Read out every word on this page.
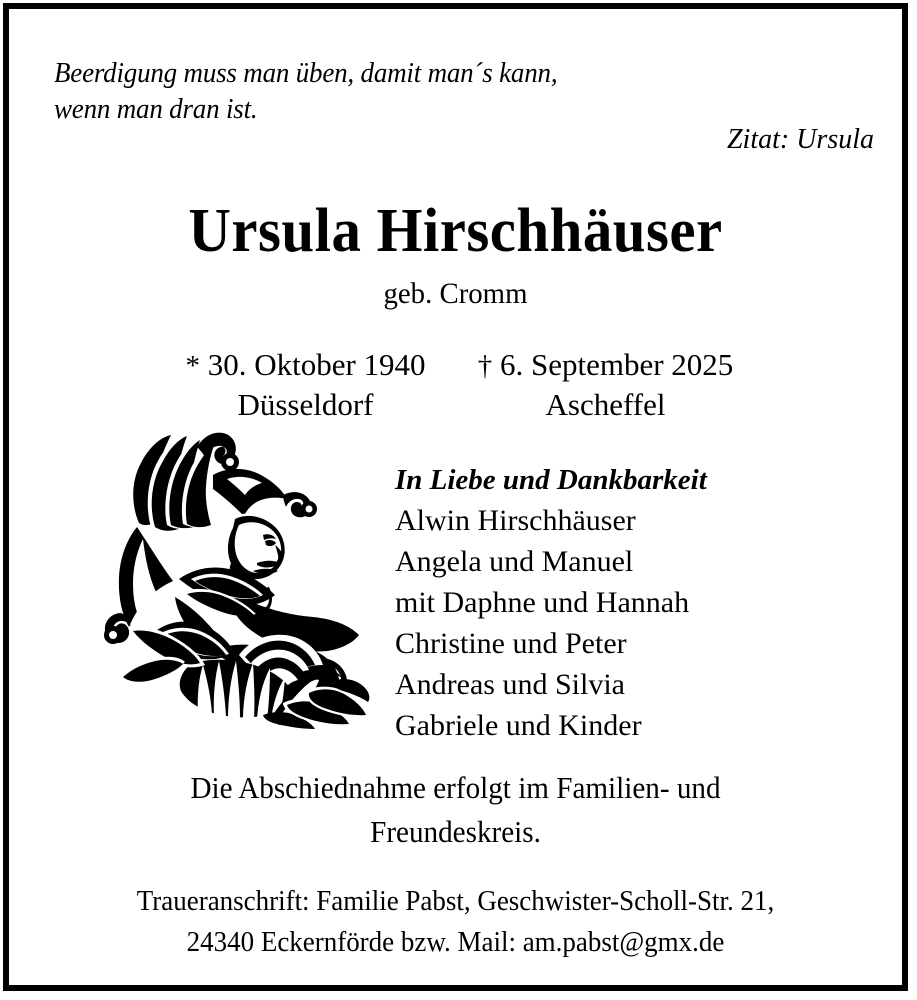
Beerdigung muss man üben, damit man´s kann,
wenn man dran ist.
Zitat: Ursula
Ursula Hirschhäuser
geb. Cromm
* 30. Oktober 1940
Düsseldorf
† 6. September 2025
Ascheffel
In Liebe und Dankbarkeit
Alwin Hirschhäuser
Angela und Manuel
mit Daphne und Hannah
Christine und Peter
Andreas und Silvia
Gabriele und Kinder
Die Abschiednahme erfolgt im Familien- und
Freundeskreis.
Traueranschrift: Familie Pabst, Geschwister-Scholl-Str. 21,
24340 Eckernförde bzw. Mail: am.pabst@gmx.de
